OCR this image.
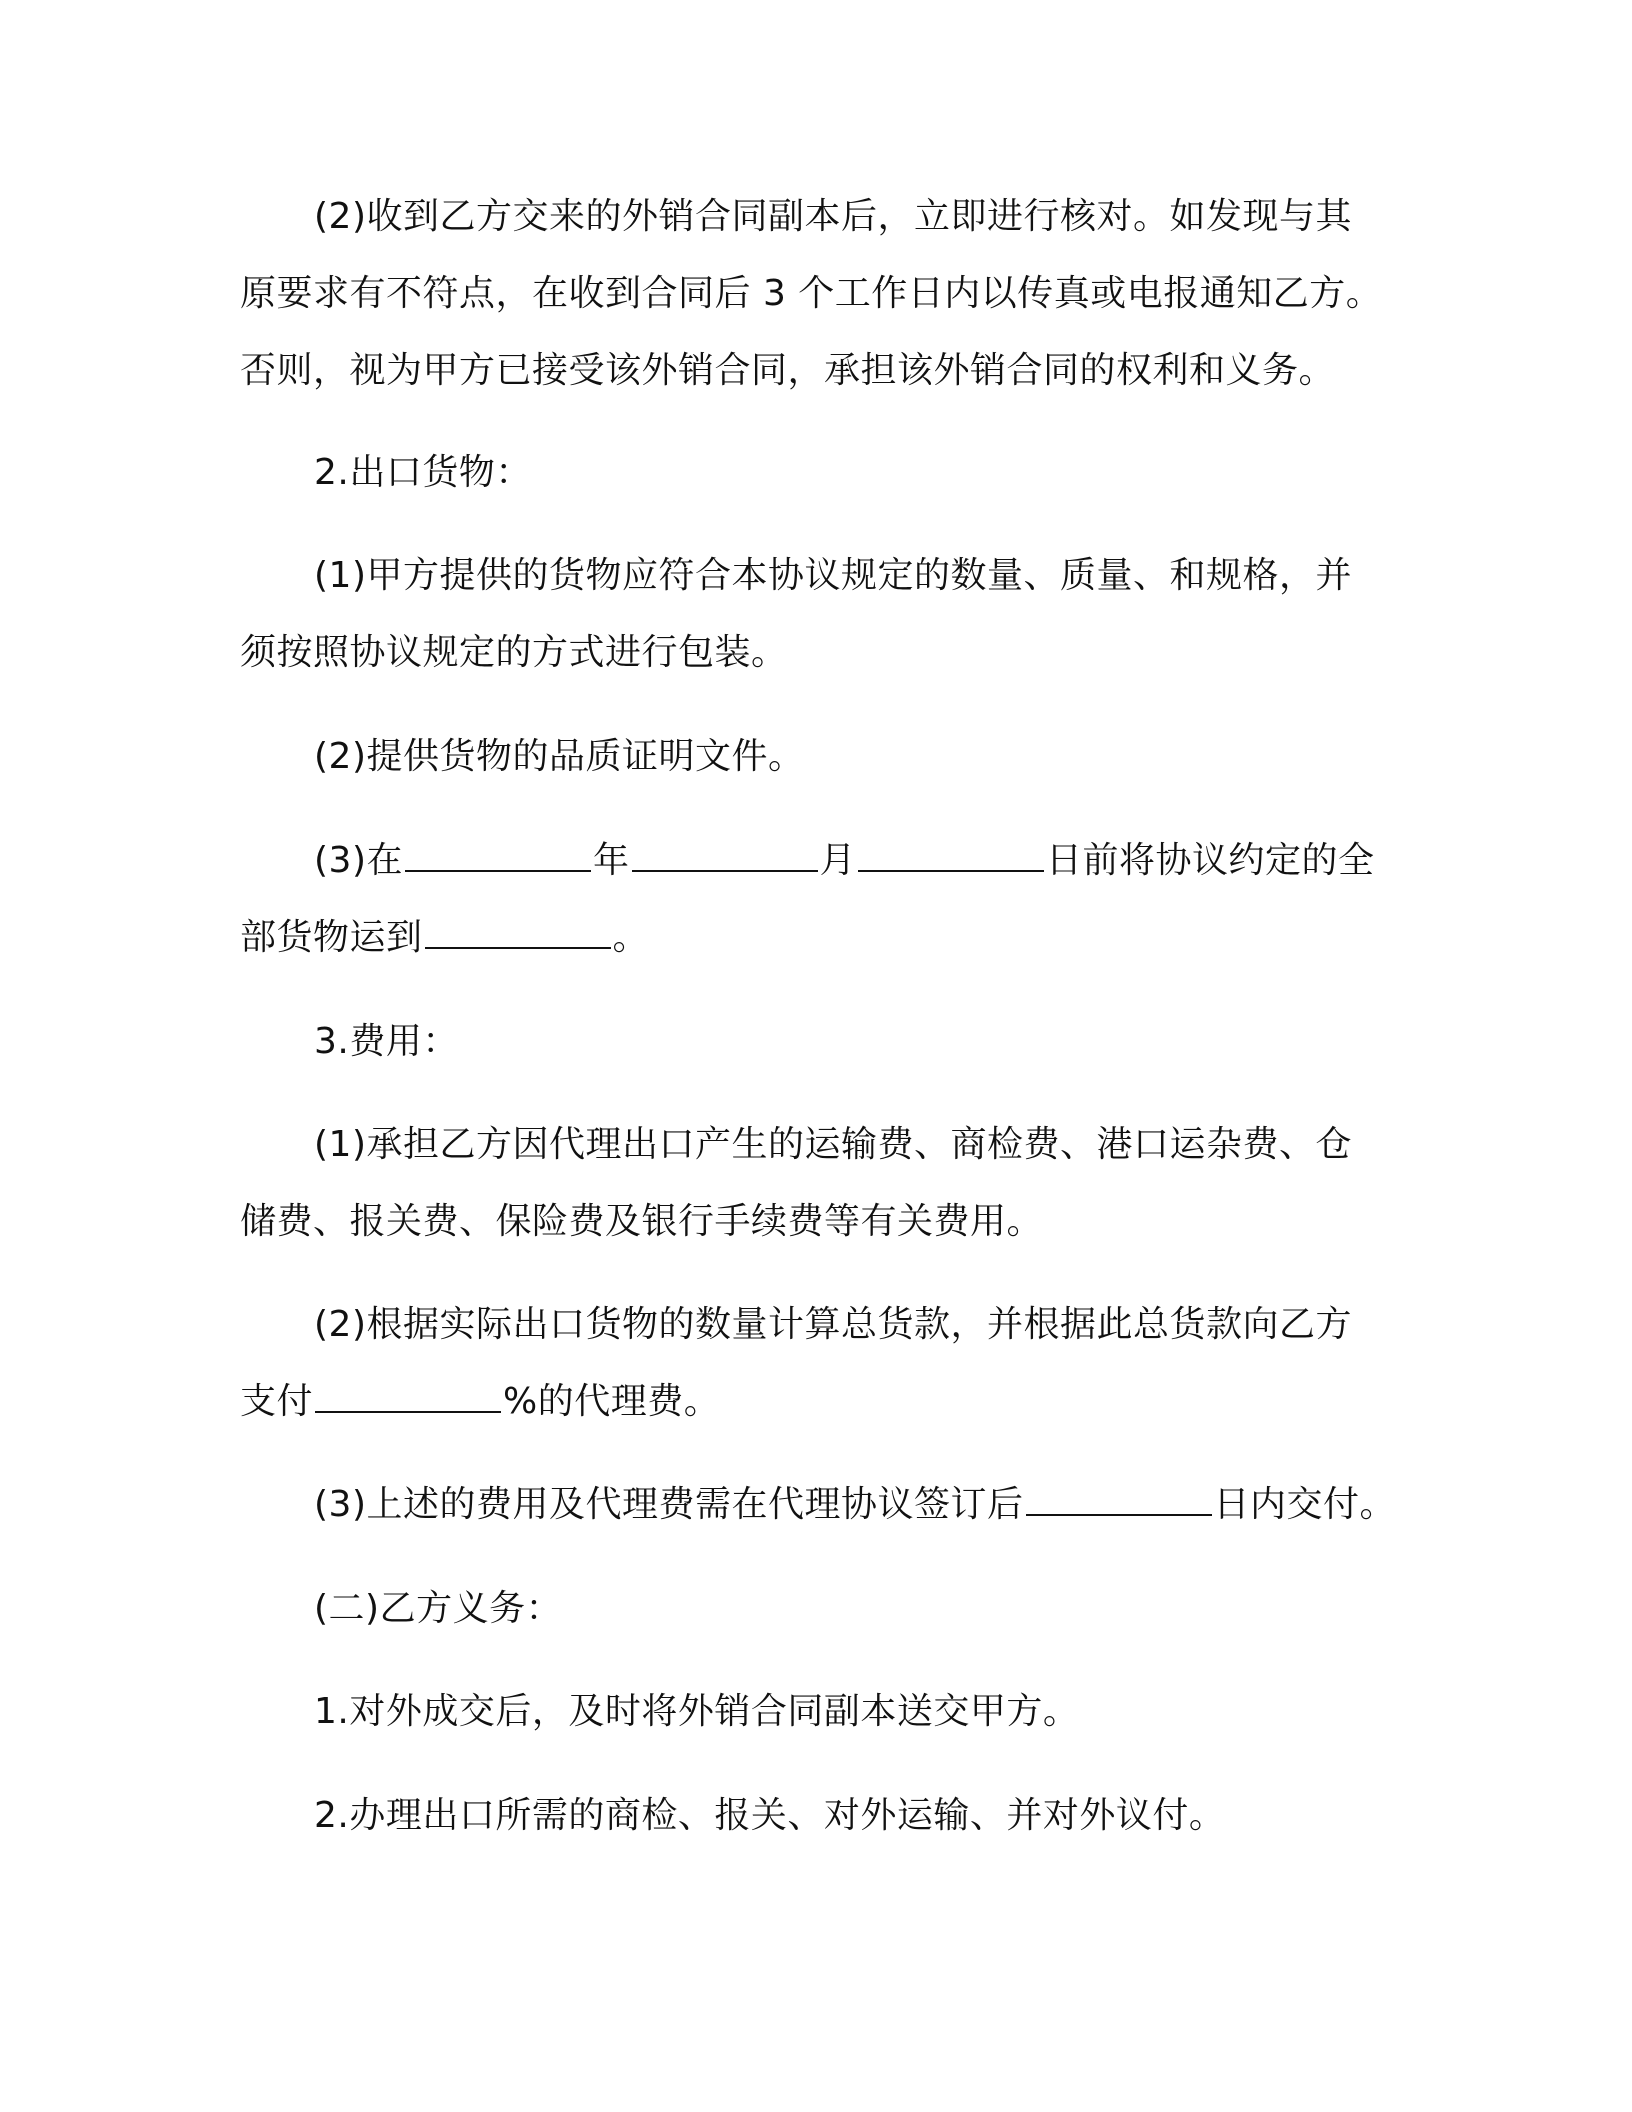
(2)收到乙方交来的外销合同副本后，立即进行核对。如发现与其
原要求有不符点，在收到合同后 3 个工作日内以传真或电报通知乙方。
否则，视为甲方已接受该外销合同，承担该外销合同的权利和义务。
2.出口货物：
(1)甲方提供的货物应符合本协议规定的数量、质量、和规格，并
须按照协议规定的方式进行包装。
(2)提供货物的品质证明文件。
(3)在	年	月	日前将协议约定的全
部货物运到	。
3.费用：
(1)承担乙方因代理出口产生的运输费、商检费、港口运杂费、仓
储费、报关费、保险费及银行手续费等有关费用。
(2)根据实际出口货物的数量计算总货款，并根据此总货款向乙方
支付	%的代理费。
(3)上述的费用及代理费需在代理协议签订后	日内交付。
(二)乙方义务：
1.对外成交后，及时将外销合同副本送交甲方。
2.办理出口所需的商检、报关、对外运输、并对外议付。
